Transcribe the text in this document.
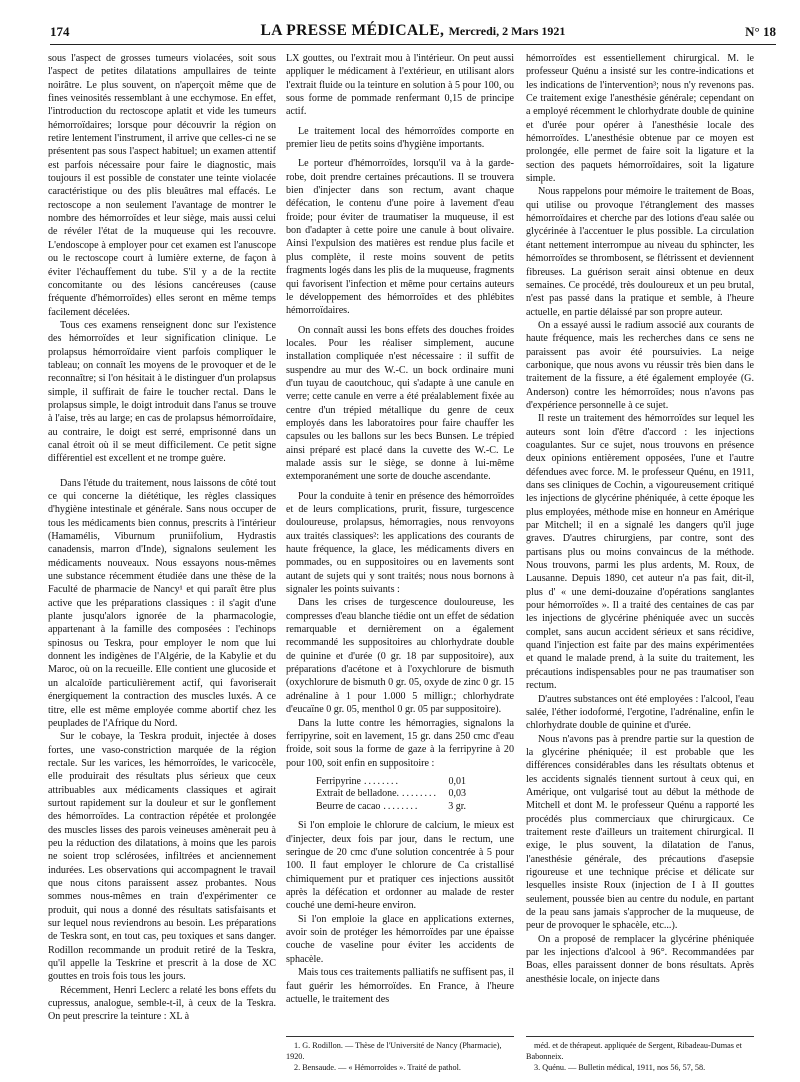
174	LA PRESSE MÉDICALE, Mercredi, 2 Mars 1921	N° 18

sous l'aspect de grosses tumeurs violacées, soit sous l'aspect de petites dilatations ampullaires de teinte noirâtre. Le plus souvent, on n'aperçoit même que de fines veinosités ressemblant à une ecchymose. En effet, l'introduction du rectoscope aplatit et vide les tumeurs hémorroïdaires; lorsque pour découvrir la région on retire lentement l'instrument, il arrive que celles-ci ne se présentent pas sous l'aspect habituel; un examen attentif est parfois nécessaire pour faire le diagnostic, mais toujours il est possible de constater une teinte violacée caractéristique ou des plis bleuâtres mal effacés. Le rectoscope a non seulement l'avantage de montrer le nombre des hémorroïdes et leur siège, mais aussi celui de révéler l'état de la muqueuse qui les recouvre. L'endoscope à employer pour cet examen est l'anuscope ou le rectoscope court à lumière externe, de façon à éviter l'échauffement du tube. S'il y a de la rectite concomitante ou des lésions cancéreuses (cause fréquente d'hémorroïdes) elles seront en même temps facilement décelées.

Tous ces examens renseignent donc sur l'existence des hémorroïdes et leur signification clinique. Le prolapsus hémorroïdaire vient parfois compliquer le tableau; on connaît les moyens de le provoquer et de le reconnaître; si l'on hésitait à le distinguer d'un prolapsus simple, il suffirait de faire le toucher rectal. Dans le prolapsus simple, le doigt introduit dans l'anus se trouve à l'aise, très au large; en cas de prolapsus hémorroïdaire, au contraire, le doigt est serré, emprisonné dans un canal étroit où il se meut difficilement. Ce petit signe différentiel est excellent et ne trompe guère.

Dans l'étude du traitement, nous laissons de côté tout ce qui concerne la diététique, les règles classiques d'hygiène intestinale et générale. Sans nous occuper de tous les médicaments bien connus, prescrits à l'intérieur (Hamamélis, Viburnum pruniifolium, Hydrastis canadensis, marron d'Inde), signalons seulement les médicaments nouveaux. Nous essayons nous-mêmes une substance récemment étudiée dans une thèse de la Faculté de pharmacie de Nancy¹ et qui paraît être plus active que les préparations classiques : il s'agit d'une plante jusqu'alors ignorée de la pharmacologie, appartenant à la famille des composées : l'echinops spinosus ou Teskra, pour employer le nom que lui donnent les indigènes de l'Algérie, de la Kabylie et du Maroc, où on la recueille. Elle contient une glucoside et un alcaloïde particulièrement actif, qui favoriserait énergiquement la contraction des muscles luxés. A ce titre, elle est même employée comme abortif chez les peuplades de l'Afrique du Nord.

Sur le cobaye, la Teskra produit, injectée à doses fortes, une vaso-constriction marquée de la région rectale. Sur les varices, les hémorroïdes, le varicocèle, elle produirait des résultats plus sérieux que ceux attribuables aux médicaments classiques et agirait surtout rapidement sur la douleur et sur le gonflement des hémorroïdes. La contraction répétée et prolongée des muscles lisses des parois veineuses amènerait peu à peu la réduction des dilatations, à moins que les parois ne soient trop sclérosées, infiltrées et anciennement indurées. Les observations qui accompagnent le travail que nous citons paraissent assez probantes. Nous sommes nous-mêmes en train d'expérimenter ce produit, qui nous a donné des résultats satisfaisants et sur lequel nous reviendrons au besoin. Les préparations de Teskra sont, en tout cas, peu toxiques et sans danger. Rodillon recommande un produit retiré de la Teskra, qu'il appelle la Teskrine et prescrit à la dose de XC gouttes en trois fois tous les jours.

Récemment, Henri Leclerc a relaté les bons effets du cupressus, analogue, semble-t-il, à ceux de la Teskra. On peut prescrire la teinture : XL à

LX gouttes, ou l'extrait mou à l'intérieur. On peut aussi appliquer le médicament à l'extérieur, en utilisant alors l'extrait fluide ou la teinture en solution à 5 pour 100, ou sous forme de pommade renfermant 0,15 de principe actif.

Le traitement local des hémorroïdes comporte en premier lieu de petits soins d'hygiène importants.

Le porteur d'hémorroïdes, lorsqu'il va à la garde-robe, doit prendre certaines précautions. Il se trouvera bien d'injecter dans son rectum, avant chaque défécation, le contenu d'une poire à lavement d'eau froide; pour éviter de traumatiser la muqueuse, il est bon d'adapter à cette poire une canule à bout olivaire. Ainsi l'expulsion des matières est rendue plus facile et plus complète, il reste moins souvent de petits fragments logés dans les plis de la muqueuse, fragments qui favorisent l'infection et même pour certains auteurs le développement des hémorroïdes et des phlébites hémorroïdaires.

On connaît aussi les bons effets des douches froides locales. Pour les réaliser simplement, aucune installation compliquée n'est nécessaire : il suffit de suspendre au mur des W.-C. un bock ordinaire muni d'un tuyau de caoutchouc, qui s'adapte à une canule en verre; cette canule en verre a été préalablement fixée au centre d'un trépied métallique du genre de ceux employés dans les laboratoires pour faire chauffer les capsules ou les ballons sur les becs Bunsen. Le trépied ainsi préparé est placé dans la cuvette des W.-C. Le malade assis sur le siège, se donne à lui-même extemporanément une sorte de douche ascendante.

Pour la conduite à tenir en présence des hémorroïdes et de leurs complications, prurit, fissure, turgescence douloureuse, prolapsus, hémorragies, nous renvoyons aux traités classiques²: les applications des courants de haute fréquence, la glace, les médicaments divers en pommades, ou en suppositoires ou en lavements sont autant de sujets qui y sont traités; nous nous bornons à signaler les points suivants :

Dans les crises de turgescence douloureuse, les compresses d'eau blanche tiédie ont un effet de sédation remarquable et dernièrement on a également recommandé les suppositoires au chlorhydrate double de quinine et d'urée (0 gr. 18 par suppositoire), aux préparations d'acétone et à l'oxychlorure de bismuth (oxychlorure de bismuth 0 gr. 05, oxyde de zinc 0 gr. 15 adrénaline à 1 pour 1.000 5 milligr.; chlorhydrate d'eucaïne 0 gr. 05, menthol 0 gr. 05 par suppositoire).

Dans la lutte contre les hémorragies, signalons la ferripyrine, soit en lavement, 15 gr. dans 250 cmc d'eau froide, soit sous la forme de gaze à la ferripyrine à 20 pour 100, soit enfin en suppositoire :

Ferripyrine ........	0,01
Extrait de belladone. ........	0,03
Beurre de cacao ........	3 gr.

Si l'on emploie le chlorure de calcium, le mieux est d'injecter, deux fois par jour, dans le rectum, une seringue de 20 cmc d'une solution concentrée à 5 pour 100. Il faut employer le chlorure de Ca cristallisé chimiquement pur et pratiquer ces injections aussitôt après la défécation et ordonner au malade de rester couché une demi-heure environ.

Si l'on emploie la glace en applications externes, avoir soin de protéger les hémorroïdes par une épaisse couche de vaseline pour éviter les accidents de sphacèle.

Mais tous ces traitements palliatifs ne suffisent pas, il faut guérir les hémorroïdes. En France, à l'heure actuelle, le traitement des

hémorroïdes est essentiellement chirurgical. M. le professeur Quénu a insisté sur les contre-indications et les indications de l'intervention³; nous n'y revenons pas. Ce traitement exige l'anesthésie générale; cependant on a employé récemment le chlorhydrate double de quinine et d'urée pour opérer à l'anesthésie locale des hémorroïdes. L'anesthésie obtenue par ce moyen est prolongée, elle permet de faire soit la ligature et la section des paquets hémorroïdaires, soit la ligature simple.

Nous rappelons pour mémoire le traitement de Boas, qui utilise ou provoque l'étranglement des masses hémorroïdaires et cherche par des lotions d'eau salée ou glycérinée à l'accentuer le plus possible. La circulation étant nettement interrompue au niveau du sphincter, les hémorroïdes se thrombosent, se flétrissent et deviennent fibreuses. La guérison serait ainsi obtenue en deux semaines. Ce procédé, très douloureux et un peu brutal, n'est pas passé dans la pratique et semble, à l'heure actuelle, en partie délaissé par son propre auteur.

On a essayé aussi le radium associé aux courants de haute fréquence, mais les recherches dans ce sens ne paraissent pas avoir été poursuivies. La neige carbonique, que nous avons vu réussir très bien dans le traitement de la fissure, a été également employée (G. Anderson) contre les hémorroïdes; nous n'avons pas d'expérience personnelle à ce sujet.

Il reste un traitement des hémorroïdes sur lequel les auteurs sont loin d'être d'accord : les injections coagulantes. Sur ce sujet, nous trouvons en présence deux opinions entièrement opposées, l'une et l'autre défendues avec force. M. le professeur Quénu, en 1911, dans ses cliniques de Cochin, a vigoureusement critiqué les injections de glycérine phéniquée, à cette époque les plus employées, méthode mise en honneur en Amérique par Mitchell; il en a signalé les dangers qu'il juge graves. D'autres chirurgiens, par contre, sont des partisans plus ou moins convaincus de la méthode. Nous trouvons, parmi les plus ardents, M. Roux, de Lausanne. Depuis 1890, cet auteur n'a pas fait, dit-il, plus d' « une demi-douzaine d'opérations sanglantes pour hémorroïdes ». Il a traité des centaines de cas par les injections de glycérine phéniquée avec un succès complet, sans aucun accident sérieux et sans récidive, quand l'injection est faite par des mains expérimentées et quand le malade prend, à la suite du traitement, les précautions indispensables pour ne pas traumatiser son rectum.

D'autres substances ont été employées : l'alcool, l'eau salée, l'éther iodoformé, l'ergotine, l'adrénaline, enfin le chlorhydrate double de quinine et d'urée.

Nous n'avons pas à prendre partie sur la question de la glycérine phéniquée; il est probable que les différences considérables dans les résultats obtenus et les accidents signalés tiennent surtout à ceux qui, en Amérique, ont vulgarisé tout au début la méthode de Mitchell et dont M. le professeur Quénu a rapporté les procédés plus commerciaux que chirurgicaux. Ce traitement reste d'ailleurs un traitement chirurgical. Il exige, le plus souvent, la dilatation de l'anus, l'anesthésie générale, des précautions d'asepsie rigoureuse et une technique précise et délicate sur lesquelles insiste Roux (injection de I à II gouttes seulement, poussée bien au centre du nodule, en partant de la peau sans jamais s'approcher de la muqueuse, de peur de provoquer le sphacèle, etc...).

On a proposé de remplacer la glycérine phéniquée par les injections d'alcool à 96°. Recommandées par Boas, elles paraissent donner de bons résultats. Après anesthésie locale, on injecte dans

1. G. Rodillon. — Thèse de l'Université de Nancy (Pharmacie), 1920.

2. Bensaude. — « Hémorroïdes ». Traité de pathol.

méd. et de thérapeut. appliquée de Sergent, Ribadeau-Dumas et Babonneix.

3. Quénu. — Bulletin médical, 1911, nos 56, 57, 58.
